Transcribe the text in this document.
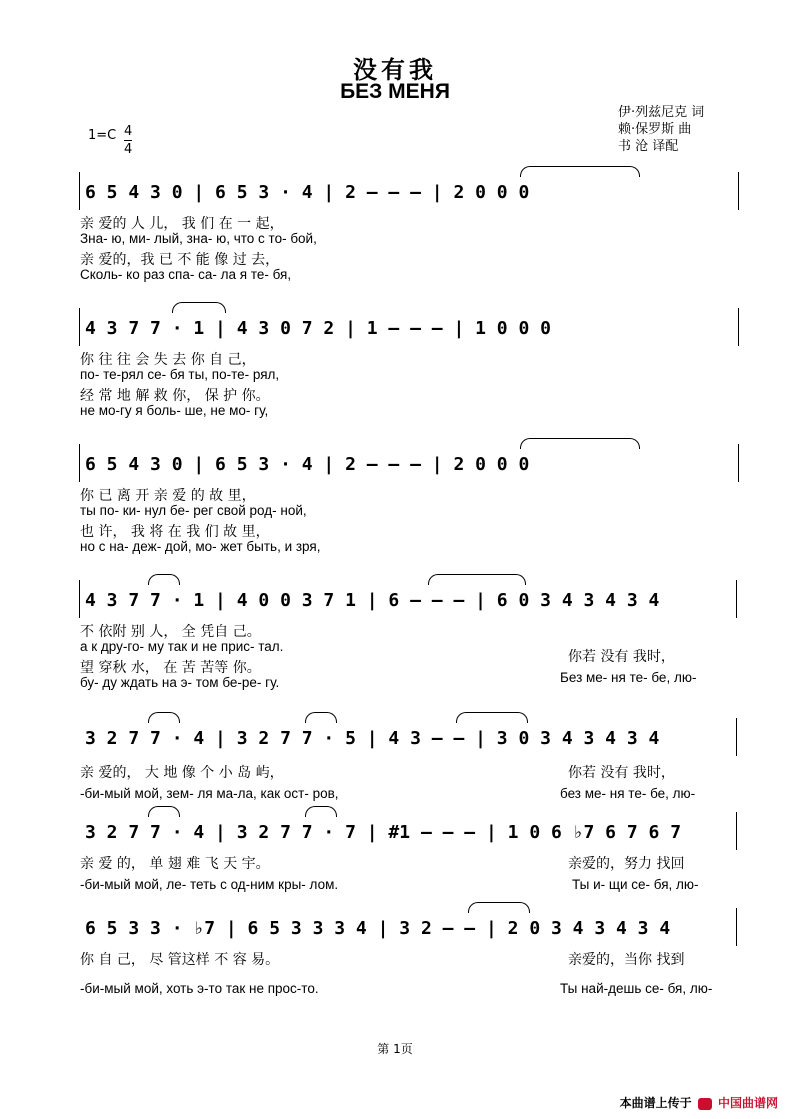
没有我
БЕЗ МЕНЯ
伊·列兹尼克 词
赖·保罗斯 曲
书 沧 译配
1=C 4
4
6 5 4 3 0 | 6 5 3 · 4 | 2 – – – | 2 0 0 0
亲 爱的 人 儿， 我 们 在 一 起，
Зна- ю, ми- лый, зна- ю, что с то- бой,
亲 爱的，我 已 不 能 像 过 去，
Сколь- ко раз спа- са- ла я те- бя,
4 3 7 7 · 1 | 4 3 0 7 2 | 1 – – – | 1 0 0 0
你 往 往 会 失 去 你 自 己，
по- те-рял се- бя ты, по-те- рял,
经 常 地 解 救 你， 保 护 你。
не мо-гу я боль- ше, не мо- гу,
6 5 4 3 0 | 6 5 3 · 4 | 2 – – – | 2 0 0 0
你 已 离 开 亲 爱 的 故 里，
ты по- ки- нул бе- рег свой род- ной,
也 许， 我 将 在 我 们 故 里，
но с на- деж- дой, мо- жет быть, и зря,
4 3 7 7 · 1 | 4 0 0 3 7 1 | 6 – – – | 6 0 3 4 3 4 3 4
不 依附 别 人， 全 凭自 己。
а к дру-го- му так и не прис- тал.
望 穿秋 水， 在 苦 苦等 你。
бу- ду ждать на э- том бе-ре- гу.
你若 没有 我时，
Без ме- ня те- бе, лю-
3 2 7 7 · 4 | 3 2 7 7 · 5 | 4 3 – – | 3 0 3 4 3 4 3 4
亲 爱的， 大 地 像 个 小 岛 屿，
-би-мый мой, зем- ля ма-ла, как ост- ров,
你若 没有 我时，
без ме- ня те- бе, лю-
3 2 7 7 · 4 | 3 2 7 7 · 7 | #1 – – – | 1 0 6 ♭7 6 7 6 7
亲 爱 的， 单 翅 难 飞 天 宇。
-би-мый мой, ле- теть с од-ним кры- лом.
亲爱的，努力 找回
Ты и- щи се- бя, лю-
6 5 3 3 · ♭7 | 6 5 3 3 3 4 | 3 2 – – | 2 0 3 4 3 4 3 4
你 自 己， 尽 管这样 不 容 易。
-би-мый мой, хоть э-то так не прос-то.
亲爱的，当你 找到
Ты най-дешь се- бя, лю-
第 1页
本曲谱上传于 中国曲谱网
